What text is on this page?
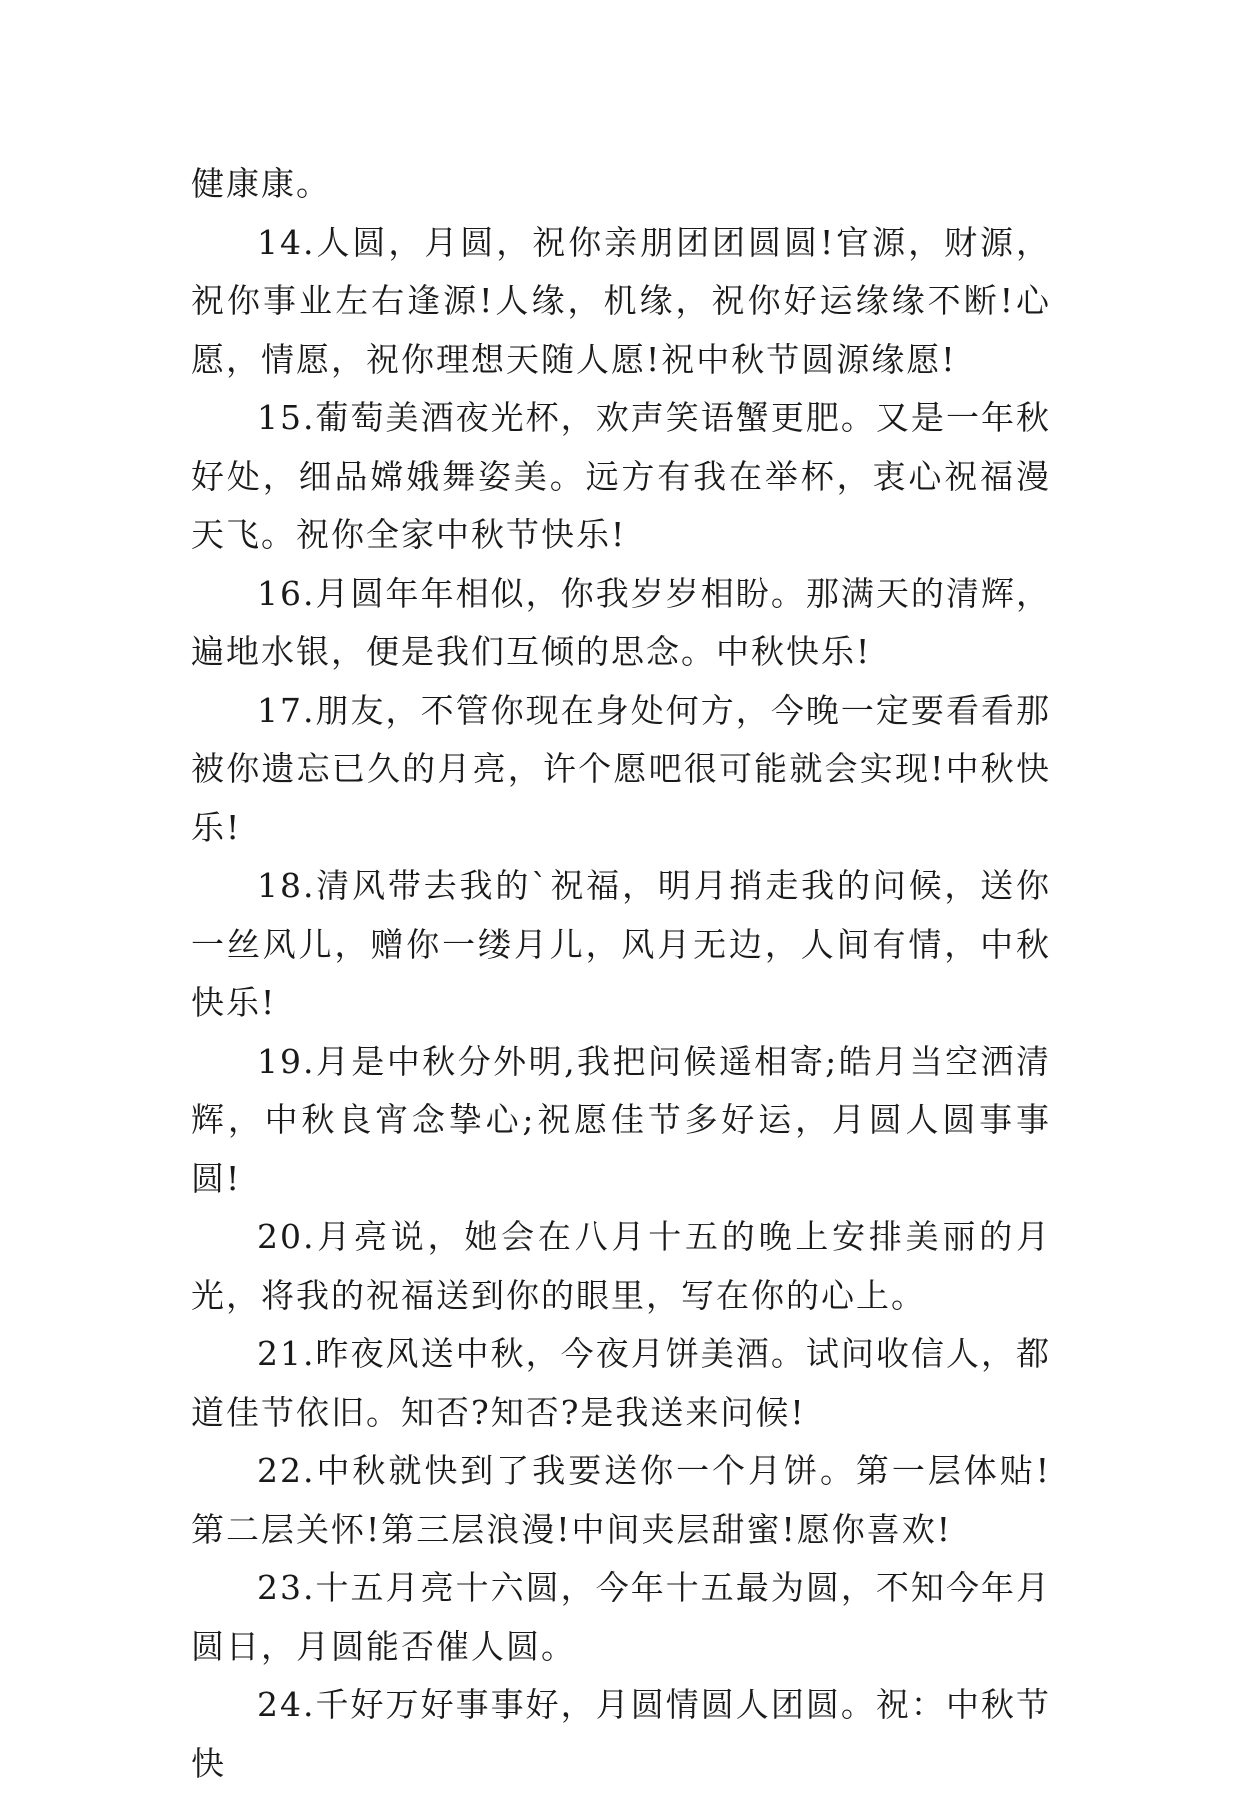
健康康。

14.人圆，月圆，祝你亲朋团团圆圆!官源，财源，祝你事业左右逢源!人缘，机缘，祝你好运缘缘不断!心愿，情愿，祝你理想天随人愿!祝中秋节圆源缘愿!

15.葡萄美酒夜光杯，欢声笑语蟹更肥。又是一年秋好处，细品嫦娥舞姿美。远方有我在举杯，衷心祝福漫天飞。祝你全家中秋节快乐!

16.月圆年年相似，你我岁岁相盼。那满天的清辉，遍地水银，便是我们互倾的思念。中秋快乐!

17.朋友，不管你现在身处何方，今晚一定要看看那被你遗忘已久的月亮，许个愿吧很可能就会实现!中秋快乐!

18.清风带去我的`祝福，明月捎走我的问候，送你一丝风儿，赠你一缕月儿，风月无边，人间有情，中秋快乐!

19.月是中秋分外明,我把问候遥相寄;皓月当空洒清辉，中秋良宵念挚心;祝愿佳节多好运，月圆人圆事事圆!

20.月亮说，她会在八月十五的晚上安排美丽的月光，将我的祝福送到你的眼里，写在你的心上。

21.昨夜风送中秋，今夜月饼美酒。试问收信人，都道佳节依旧。知否?知否?是我送来问候!

22.中秋就快到了我要送你一个月饼。第一层体贴!第二层关怀!第三层浪漫!中间夹层甜蜜!愿你喜欢!

23.十五月亮十六圆，今年十五最为圆，不知今年月圆日，月圆能否催人圆。

24.千好万好事事好，月圆情圆人团圆。祝：中秋节快
